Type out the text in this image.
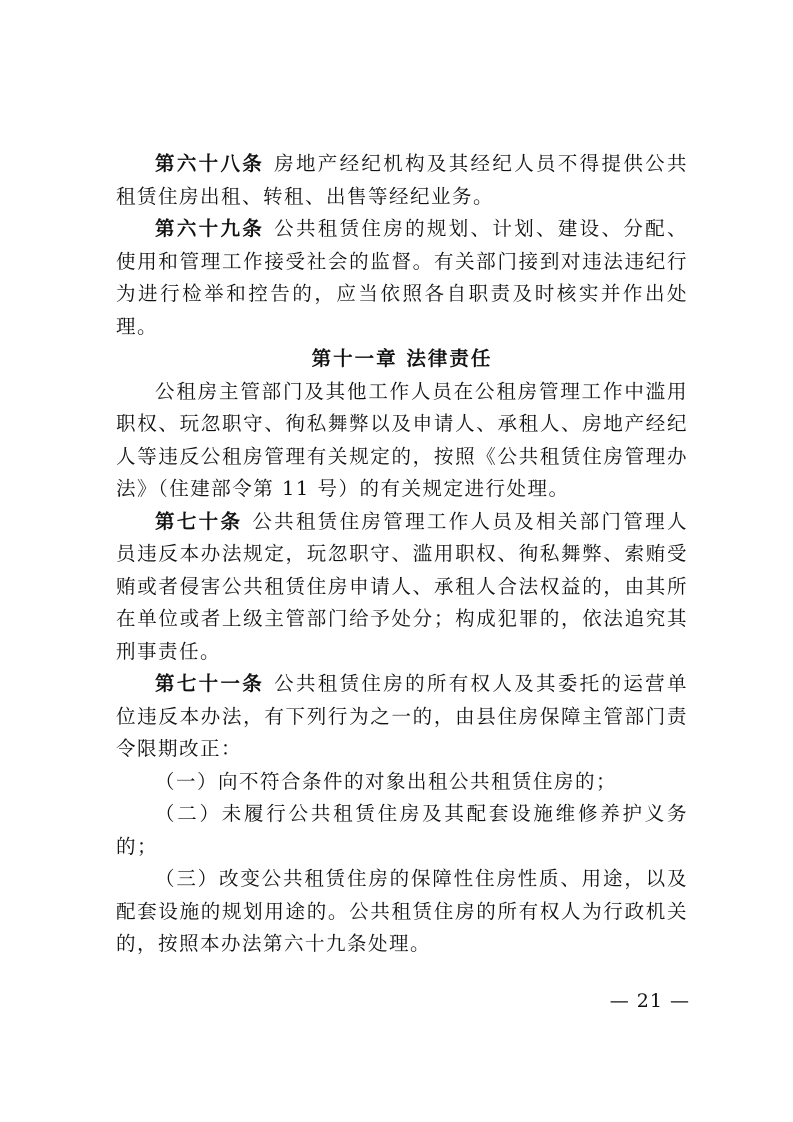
第六十八条 房地产经纪机构及其经纪人员不得提供公共租赁住房出租、转租、出售等经纪业务。

第六十九条 公共租赁住房的规划、计划、建设、分配、使用和管理工作接受社会的监督。有关部门接到对违法违纪行为进行检举和控告的，应当依照各自职责及时核实并作出处理。

第十一章 法律责任

公租房主管部门及其他工作人员在公租房管理工作中滥用职权、玩忽职守、徇私舞弊以及申请人、承租人、房地产经纪人等违反公租房管理有关规定的，按照《公共租赁住房管理办法》（住建部令第 11 号）的有关规定进行处理。

第七十条 公共租赁住房管理工作人员及相关部门管理人员违反本办法规定，玩忽职守、滥用职权、徇私舞弊、索贿受贿或者侵害公共租赁住房申请人、承租人合法权益的，由其所在单位或者上级主管部门给予处分；构成犯罪的，依法追究其刑事责任。

第七十一条 公共租赁住房的所有权人及其委托的运营单位违反本办法，有下列行为之一的，由县住房保障主管部门责令限期改正：

（一）向不符合条件的对象出租公共租赁住房的；

（二）未履行公共租赁住房及其配套设施维修养护义务的；

（三）改变公共租赁住房的保障性住房性质、用途，以及配套设施的规划用途的。公共租赁住房的所有权人为行政机关的，按照本办法第六十九条处理。

— 21 —
